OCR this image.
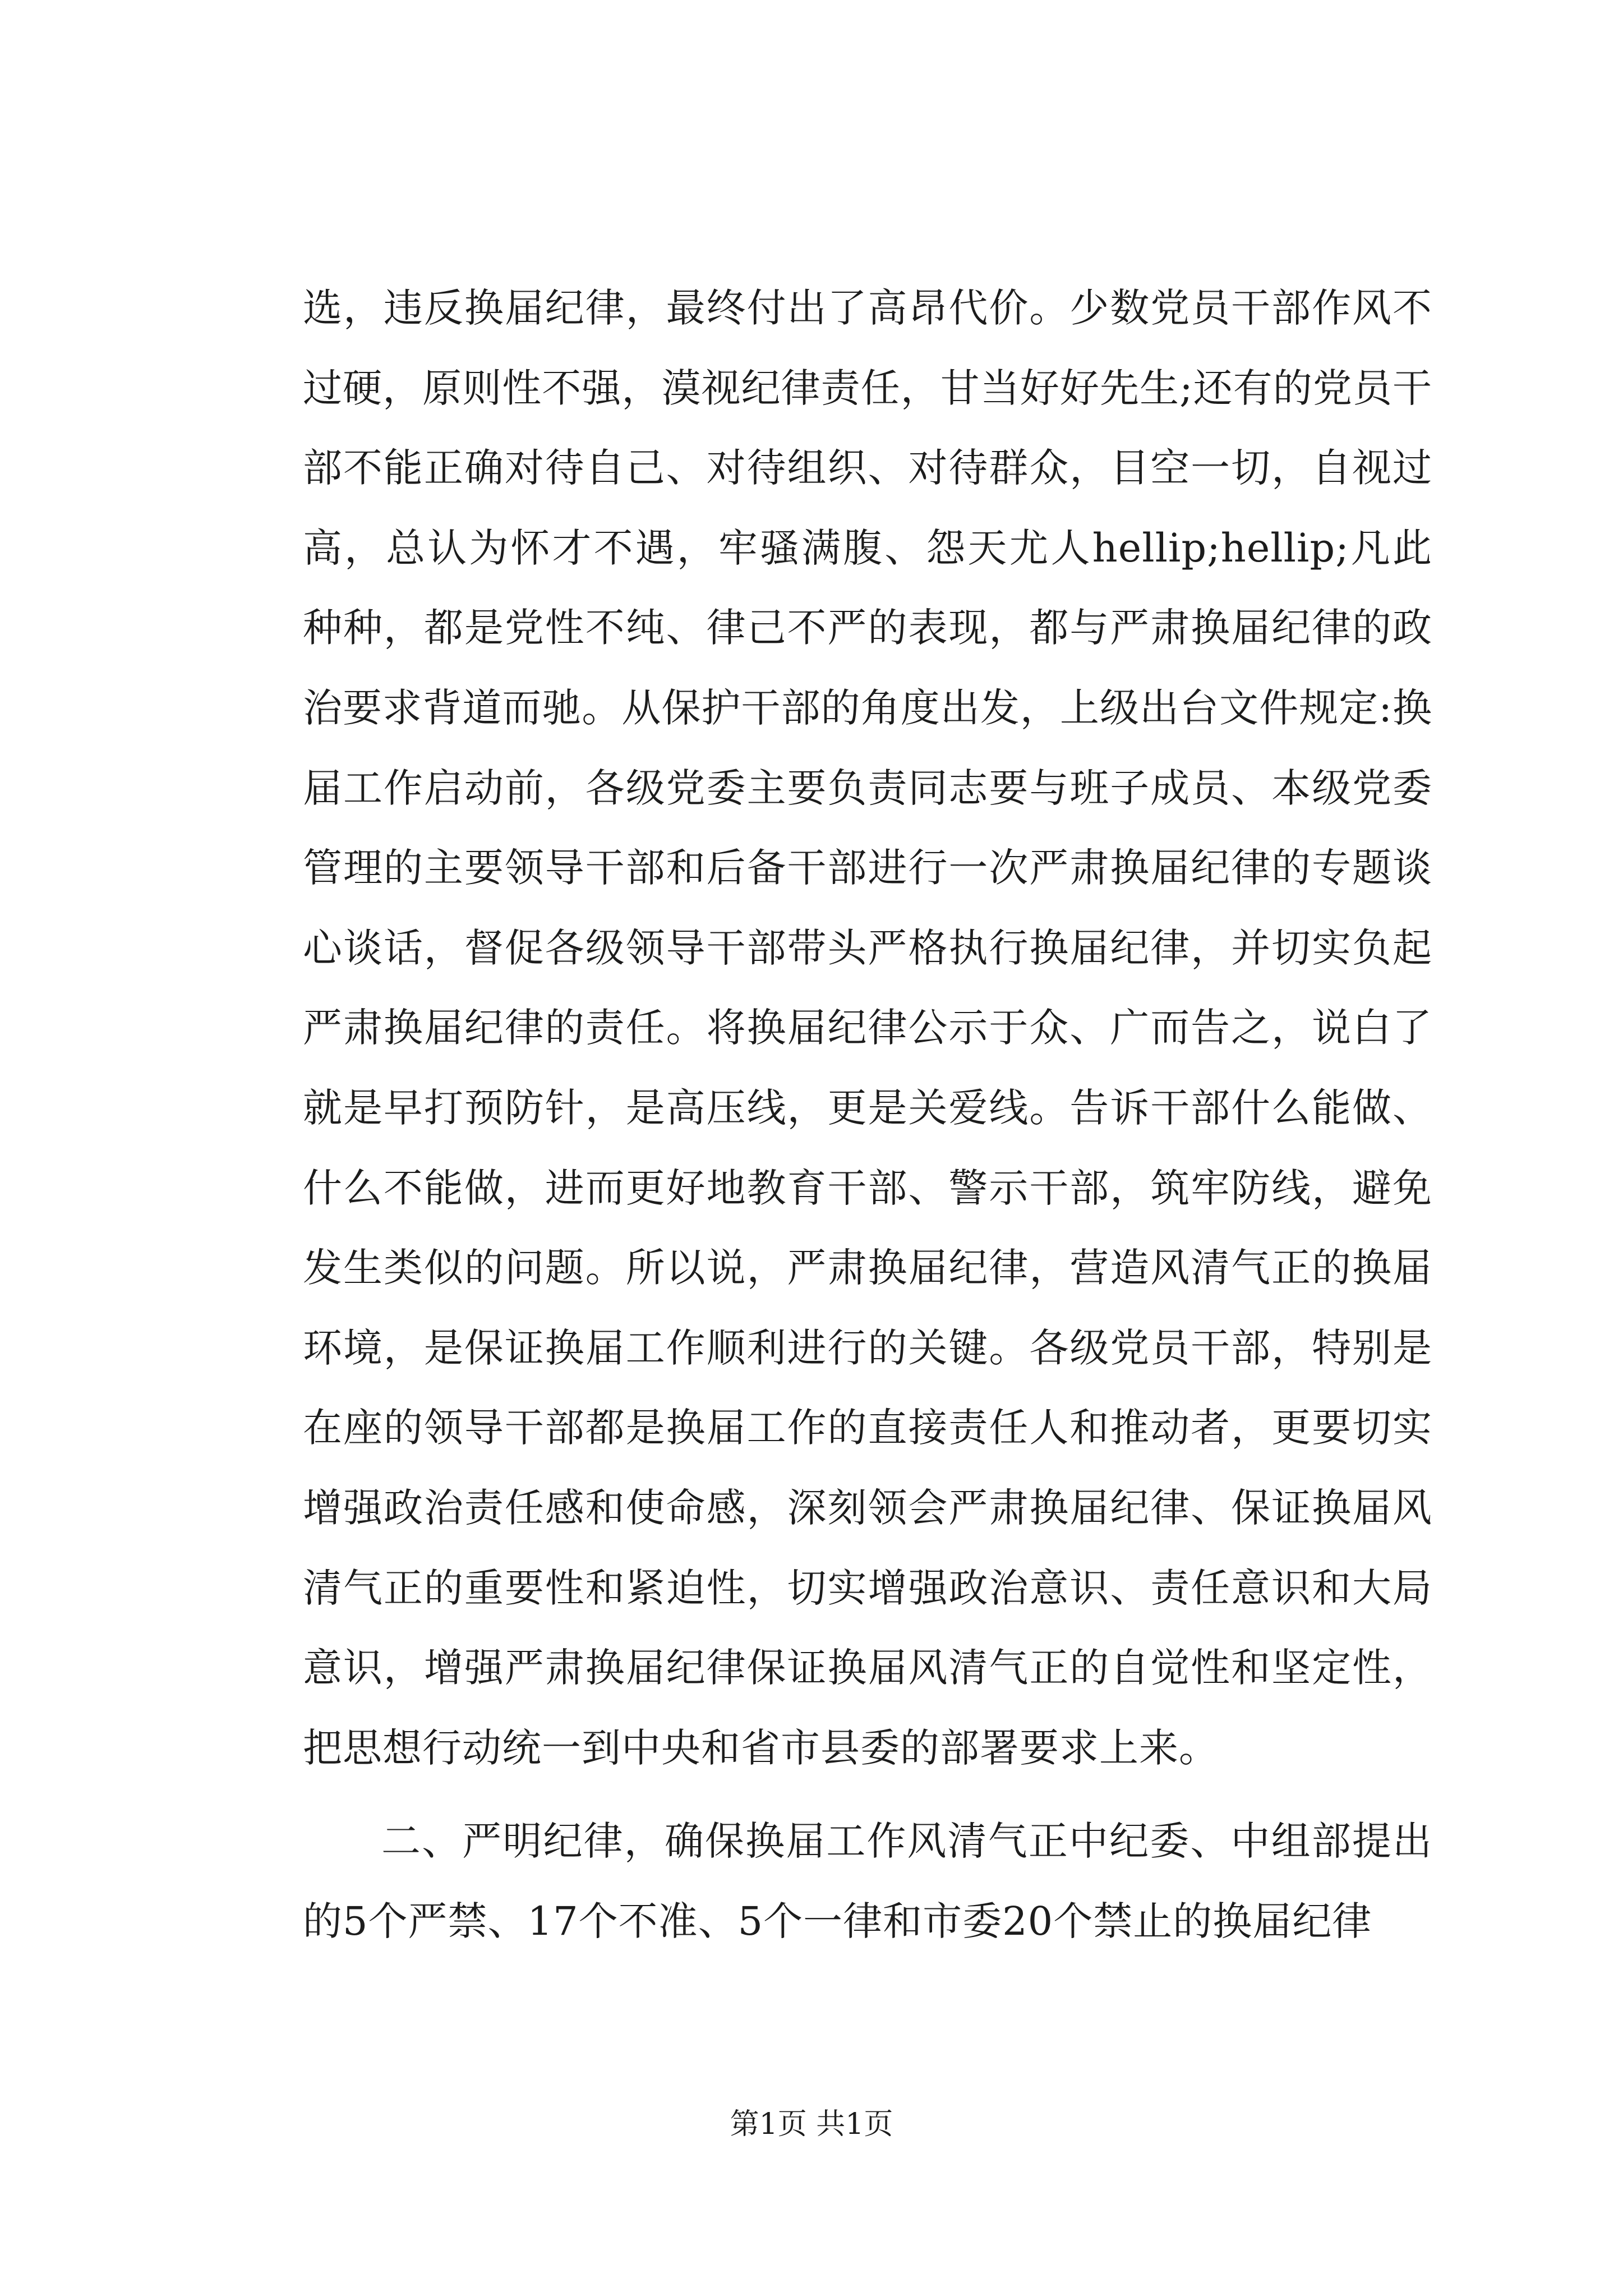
选，违反换届纪律，最终付出了高昂代价。少数党员干部作风不过硬，原则性不强，漠视纪律责任，甘当好好先生;还有的党员干部不能正确对待自己、对待组织、对待群众，目空一切，自视过高，总认为怀才不遇，牢骚满腹、怨天尤人hellip;hellip;凡此种种，都是党性不纯、律己不严的表现，都与严肃换届纪律的政治要求背道而驰。从保护干部的角度出发，上级出台文件规定:换届工作启动前，各级党委主要负责同志要与班子成员、本级党委管理的主要领导干部和后备干部进行一次严肃换届纪律的专题谈心谈话，督促各级领导干部带头严格执行换届纪律，并切实负起严肃换届纪律的责任。将换届纪律公示于众、广而告之，说白了就是早打预防针，是高压线，更是关爱线。告诉干部什么能做、什么不能做，进而更好地教育干部、警示干部，筑牢防线，避免发生类似的问题。所以说，严肃换届纪律，营造风清气正的换届环境，是保证换届工作顺利进行的关键。各级党员干部，特别是在座的领导干部都是换届工作的直接责任人和推动者，更要切实增强政治责任感和使命感，深刻领会严肃换届纪律、保证换届风清气正的重要性和紧迫性，切实增强政治意识、责任意识和大局意识，增强严肃换届纪律保证换届风清气正的自觉性和坚定性，把思想行动统一到中央和省市县委的部署要求上来。

二、严明纪律，确保换届工作风清气正中纪委、中组部提出的5个严禁、17个不准、5个一律和市委20个禁止的换届纪律

第1页 共1页
